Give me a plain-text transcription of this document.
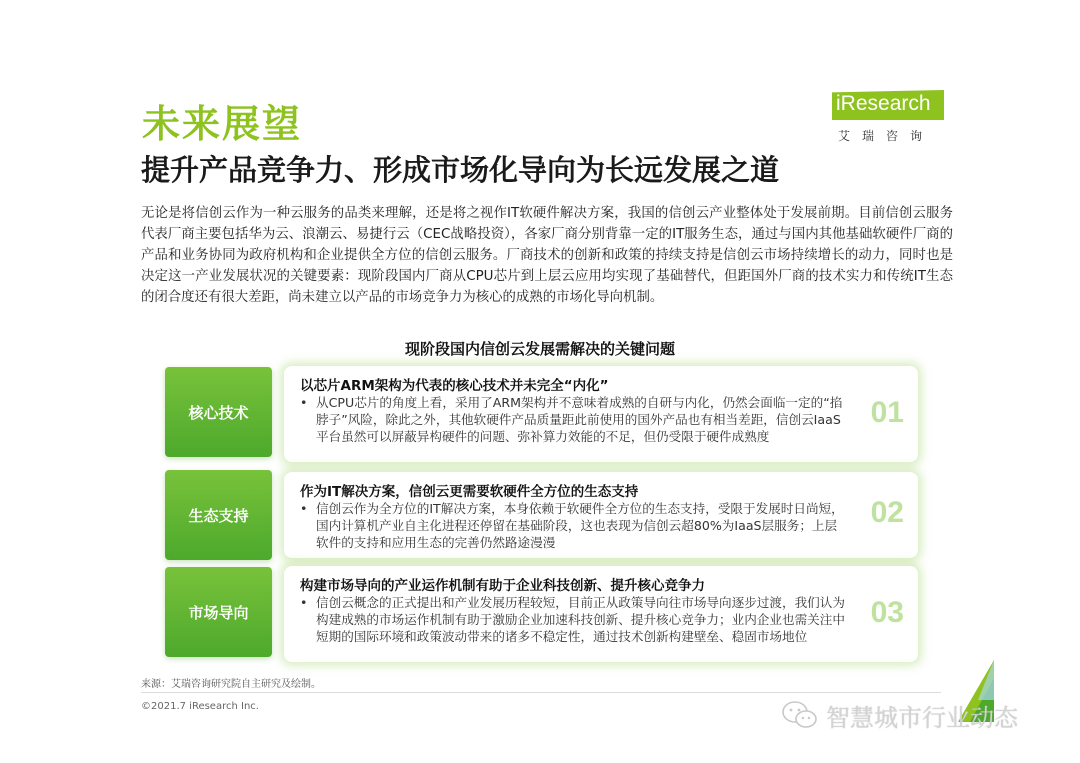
未来展望
提升产品竞争力、形成市场化导向为长远发展之道
iResearch
艾瑞咨询
无论是将信创云作为一种云服务的品类来理解，还是将之视作IT软硬件解决方案，我国的信创云产业整体处于发展前期。目前信创云服务代表厂商主要包括华为云、浪潮云、易捷行云（CEC战略投资），各家厂商分别背靠一定的IT服务生态，通过与国内其他基础软硬件厂商的产品和业务协同为政府机构和企业提供全方位的信创云服务。厂商技术的创新和政策的持续支持是信创云市场持续增长的动力，同时也是决定这一产业发展状况的关键要素：现阶段国内厂商从CPU芯片到上层云应用均实现了基础替代，但距国外厂商的技术实力和传统IT生态的闭合度还有很大差距，尚未建立以产品的市场竞争力为核心的成熟的市场化导向机制。
现阶段国内信创云发展需解决的关键问题
核心技术
以芯片ARM架构为代表的核心技术并未完全“内化”
• 从CPU芯片的角度上看，采用了ARM架构并不意味着成熟的自研与内化，仍然会面临一定的“掐脖子”风险，除此之外，其他软硬件产品质量距此前使用的国外产品也有相当差距，信创云IaaS平台虽然可以屏蔽异构硬件的问题、弥补算力效能的不足，但仍受限于硬件成熟度
01
生态支持
作为IT解决方案，信创云更需要软硬件全方位的生态支持
• 信创云作为全方位的IT解决方案，本身依赖于软硬件全方位的生态支持，受限于发展时日尚短，国内计算机产业自主化进程还停留在基础阶段，这也表现为信创云超80%为IaaS层服务；上层软件的支持和应用生态的完善仍然路途漫漫
02
市场导向
构建市场导向的产业运作机制有助于企业科技创新、提升核心竞争力
• 信创云概念的正式提出和产业发展历程较短，目前正从政策导向往市场导向逐步过渡，我们认为构建成熟的市场运作机制有助于激励企业加速科技创新、提升核心竞争力；业内企业也需关注中短期的国际环境和政策波动带来的诸多不稳定性，通过技术创新构建壁垒、稳固市场地位
03
来源：艾瑞咨询研究院自主研究及绘制。
©2021.7 iResearch Inc.	智慧城市行业动态
